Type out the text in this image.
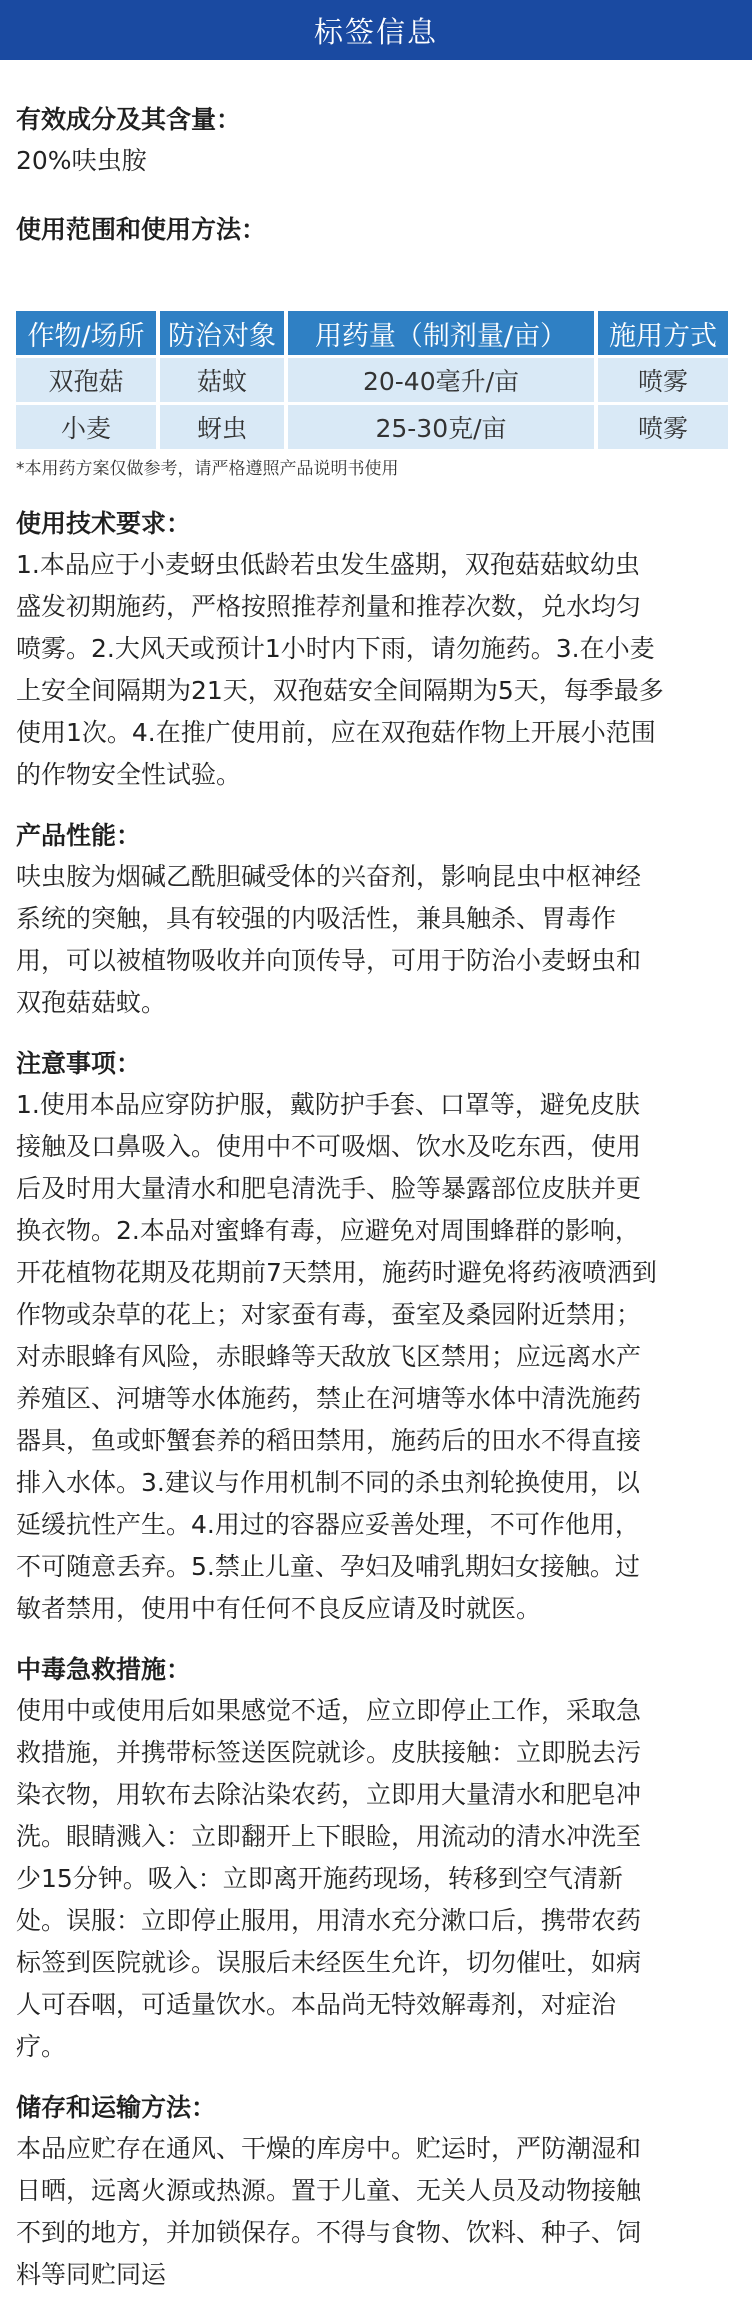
标签信息
有效成分及其含量：
20%呋虫胺
使用范围和使用方法：
作物/场所	防治对象	用药量（制剂量/亩）	施用方式
双孢菇	菇蚊	20-40毫升/亩	喷雾
小麦	蚜虫	25-30克/亩	喷雾
*本用药方案仅做参考，请严格遵照产品说明书使用
使用技术要求：
1.本品应于小麦蚜虫低龄若虫发生盛期，双孢菇菇蚊幼虫
盛发初期施药，严格按照推荐剂量和推荐次数，兑水均匀
喷雾。2.大风天或预计1小时内下雨，请勿施药。3.在小麦
上安全间隔期为21天，双孢菇安全间隔期为5天，每季最多
使用1次。4.在推广使用前，应在双孢菇作物上开展小范围
的作物安全性试验。
产品性能：
呋虫胺为烟碱乙酰胆碱受体的兴奋剂，影响昆虫中枢神经
系统的突触，具有较强的内吸活性，兼具触杀、胃毒作
用，可以被植物吸收并向顶传导，可用于防治小麦蚜虫和
双孢菇菇蚊。
注意事项：
1.使用本品应穿防护服，戴防护手套、口罩等，避免皮肤
接触及口鼻吸入。使用中不可吸烟、饮水及吃东西，使用
后及时用大量清水和肥皂清洗手、脸等暴露部位皮肤并更
换衣物。2.本品对蜜蜂有毒，应避免对周围蜂群的影响，
开花植物花期及花期前7天禁用，施药时避免将药液喷洒到
作物或杂草的花上；对家蚕有毒，蚕室及桑园附近禁用；
对赤眼蜂有风险，赤眼蜂等天敌放飞区禁用；应远离水产
养殖区、河塘等水体施药，禁止在河塘等水体中清洗施药
器具，鱼或虾蟹套养的稻田禁用，施药后的田水不得直接
排入水体。3.建议与作用机制不同的杀虫剂轮换使用，以
延缓抗性产生。4.用过的容器应妥善处理，不可作他用，
不可随意丢弃。5.禁止儿童、孕妇及哺乳期妇女接触。过
敏者禁用，使用中有任何不良反应请及时就医。
中毒急救措施：
使用中或使用后如果感觉不适，应立即停止工作，采取急
救措施，并携带标签送医院就诊。皮肤接触：立即脱去污
染衣物，用软布去除沾染农药，立即用大量清水和肥皂冲
洗。眼睛溅入：立即翻开上下眼睑，用流动的清水冲洗至
少15分钟。吸入：立即离开施药现场，转移到空气清新
处。误服：立即停止服用，用清水充分漱口后，携带农药
标签到医院就诊。误服后未经医生允许，切勿催吐，如病
人可吞咽，可适量饮水。本品尚无特效解毒剂，对症治
疗。
储存和运输方法：
本品应贮存在通风、干燥的库房中。贮运时，严防潮湿和
日晒，远离火源或热源。置于儿童、无关人员及动物接触
不到的地方，并加锁保存。不得与食物、饮料、种子、饲
料等同贮同运
